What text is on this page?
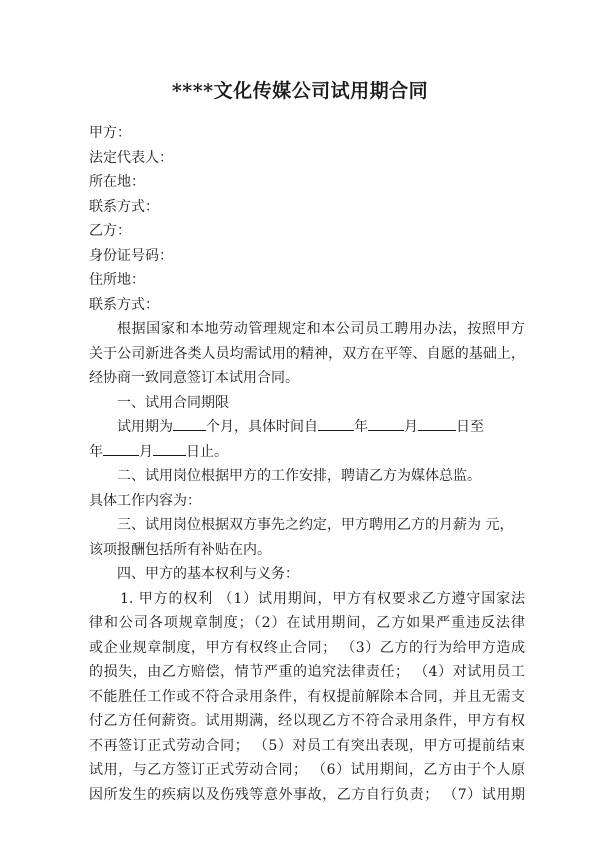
****文化传媒公司试用期合同
甲方：
法定代表人：
所在地：
联系方式：
乙方：
身份证号码：
住所地：
联系方式：
根据国家和本地劳动管理规定和本公司员工聘用办法，按照甲方
关于公司新进各类人员均需试用的精神，双方在平等、自愿的基础上，
经协商一致同意签订本试用合同。
一、试用合同期限
试用期为 个月，具体时间自	年	月	日至
年	月 日止。
二、试用岗位根据甲方的工作安排，聘请乙方为媒体总监。
具体工作内容为：
三、试用岗位根据双方事先之约定，甲方聘用乙方的月薪为 元，
该项报酬包括所有补贴在内。
四、甲方的基本权利与义务：
1. 甲方的权利 （1）试用期间，甲方有权要求乙方遵守国家法
律和公司各项规章制度；（2）在试用期间，乙方如果严重违反法律
或企业规章制度，甲方有权终止合同； （3）乙方的行为给甲方造成
的损失，由乙方赔偿，情节严重的追究法律责任； （4）对试用员工
不能胜任工作或不符合录用条件，有权提前解除本合同，并且无需支
付乙方任何薪资。试用期满，经以现乙方不符合录用条件，甲方有权
不再签订正式劳动合同； （5）对员工有突出表现，甲方可提前结束
试用，与乙方签订正式劳动合同； （6）试用期间，乙方由于个人原
因所发生的疾病以及伤残等意外事故，乙方自行负责； （7）试用期
